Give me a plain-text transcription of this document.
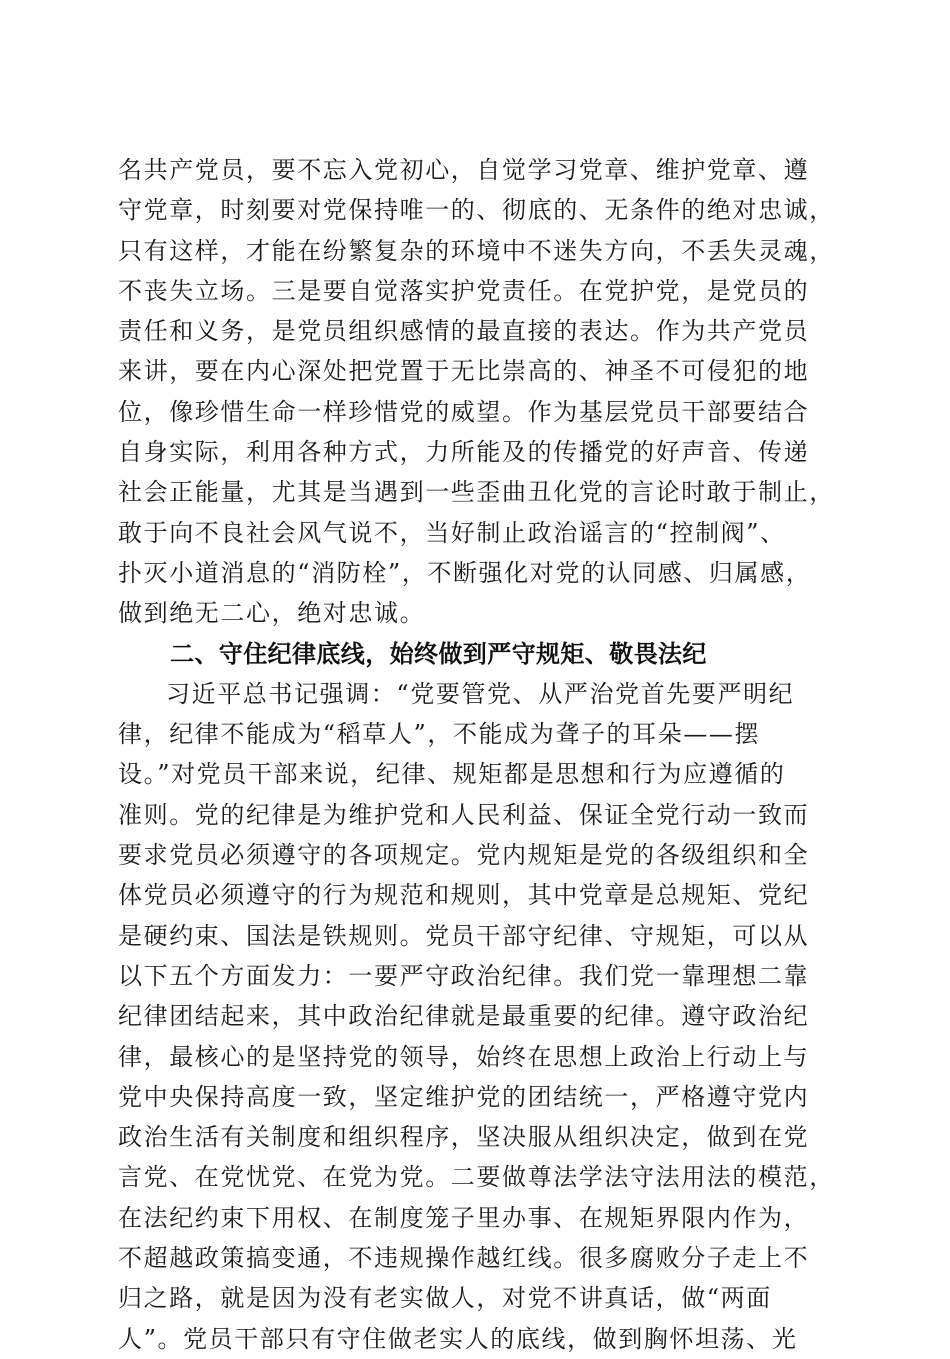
名共产党员，要不忘入党初心，自觉学习党章、维护党章、遵
守党章，时刻要对党保持唯一的、彻底的、无条件的绝对忠诚，
只有这样，才能在纷繁复杂的环境中不迷失方向，不丢失灵魂，
不丧失立场。三是要自觉落实护党责任。在党护党，是党员的
责任和义务，是党员组织感情的最直接的表达。作为共产党员
来讲，要在内心深处把党置于无比崇高的、神圣不可侵犯的地
位，像珍惜生命一样珍惜党的威望。作为基层党员干部要结合
自身实际，利用各种方式，力所能及的传播党的好声音、传递
社会正能量，尤其是当遇到一些歪曲丑化党的言论时敢于制止，
敢于向不良社会风气说不，当好制止政治谣言的“控制阀”、
扑灭小道消息的“消防栓”，不断强化对党的认同感、归属感，
做到绝无二心，绝对忠诚。
二、守住纪律底线，始终做到严守规矩、敬畏法纪
习近平总书记强调：“党要管党、从严治党首先要严明纪
律，纪律不能成为“稻草人”，不能成为聋子的耳朵——摆
设。”对党员干部来说，纪律、规矩都是思想和行为应遵循的
准则。党的纪律是为维护党和人民利益、保证全党行动一致而
要求党员必须遵守的各项规定。党内规矩是党的各级组织和全
体党员必须遵守的行为规范和规则，其中党章是总规矩、党纪
是硬约束、国法是铁规则。党员干部守纪律、守规矩，可以从
以下五个方面发力：一要严守政治纪律。我们党一靠理想二靠
纪律团结起来，其中政治纪律就是最重要的纪律。遵守政治纪
律，最核心的是坚持党的领导，始终在思想上政治上行动上与
党中央保持高度一致，坚定维护党的团结统一，严格遵守党内
政治生活有关制度和组织程序，坚决服从组织决定，做到在党
言党、在党忧党、在党为党。二要做尊法学法守法用法的模范，
在法纪约束下用权、在制度笼子里办事、在规矩界限内作为，
不超越政策搞变通，不违规操作越红线。很多腐败分子走上不
归之路，就是因为没有老实做人，对党不讲真话，做“两面
人”。党员干部只有守住做老实人的底线，做到胸怀坦荡、光
